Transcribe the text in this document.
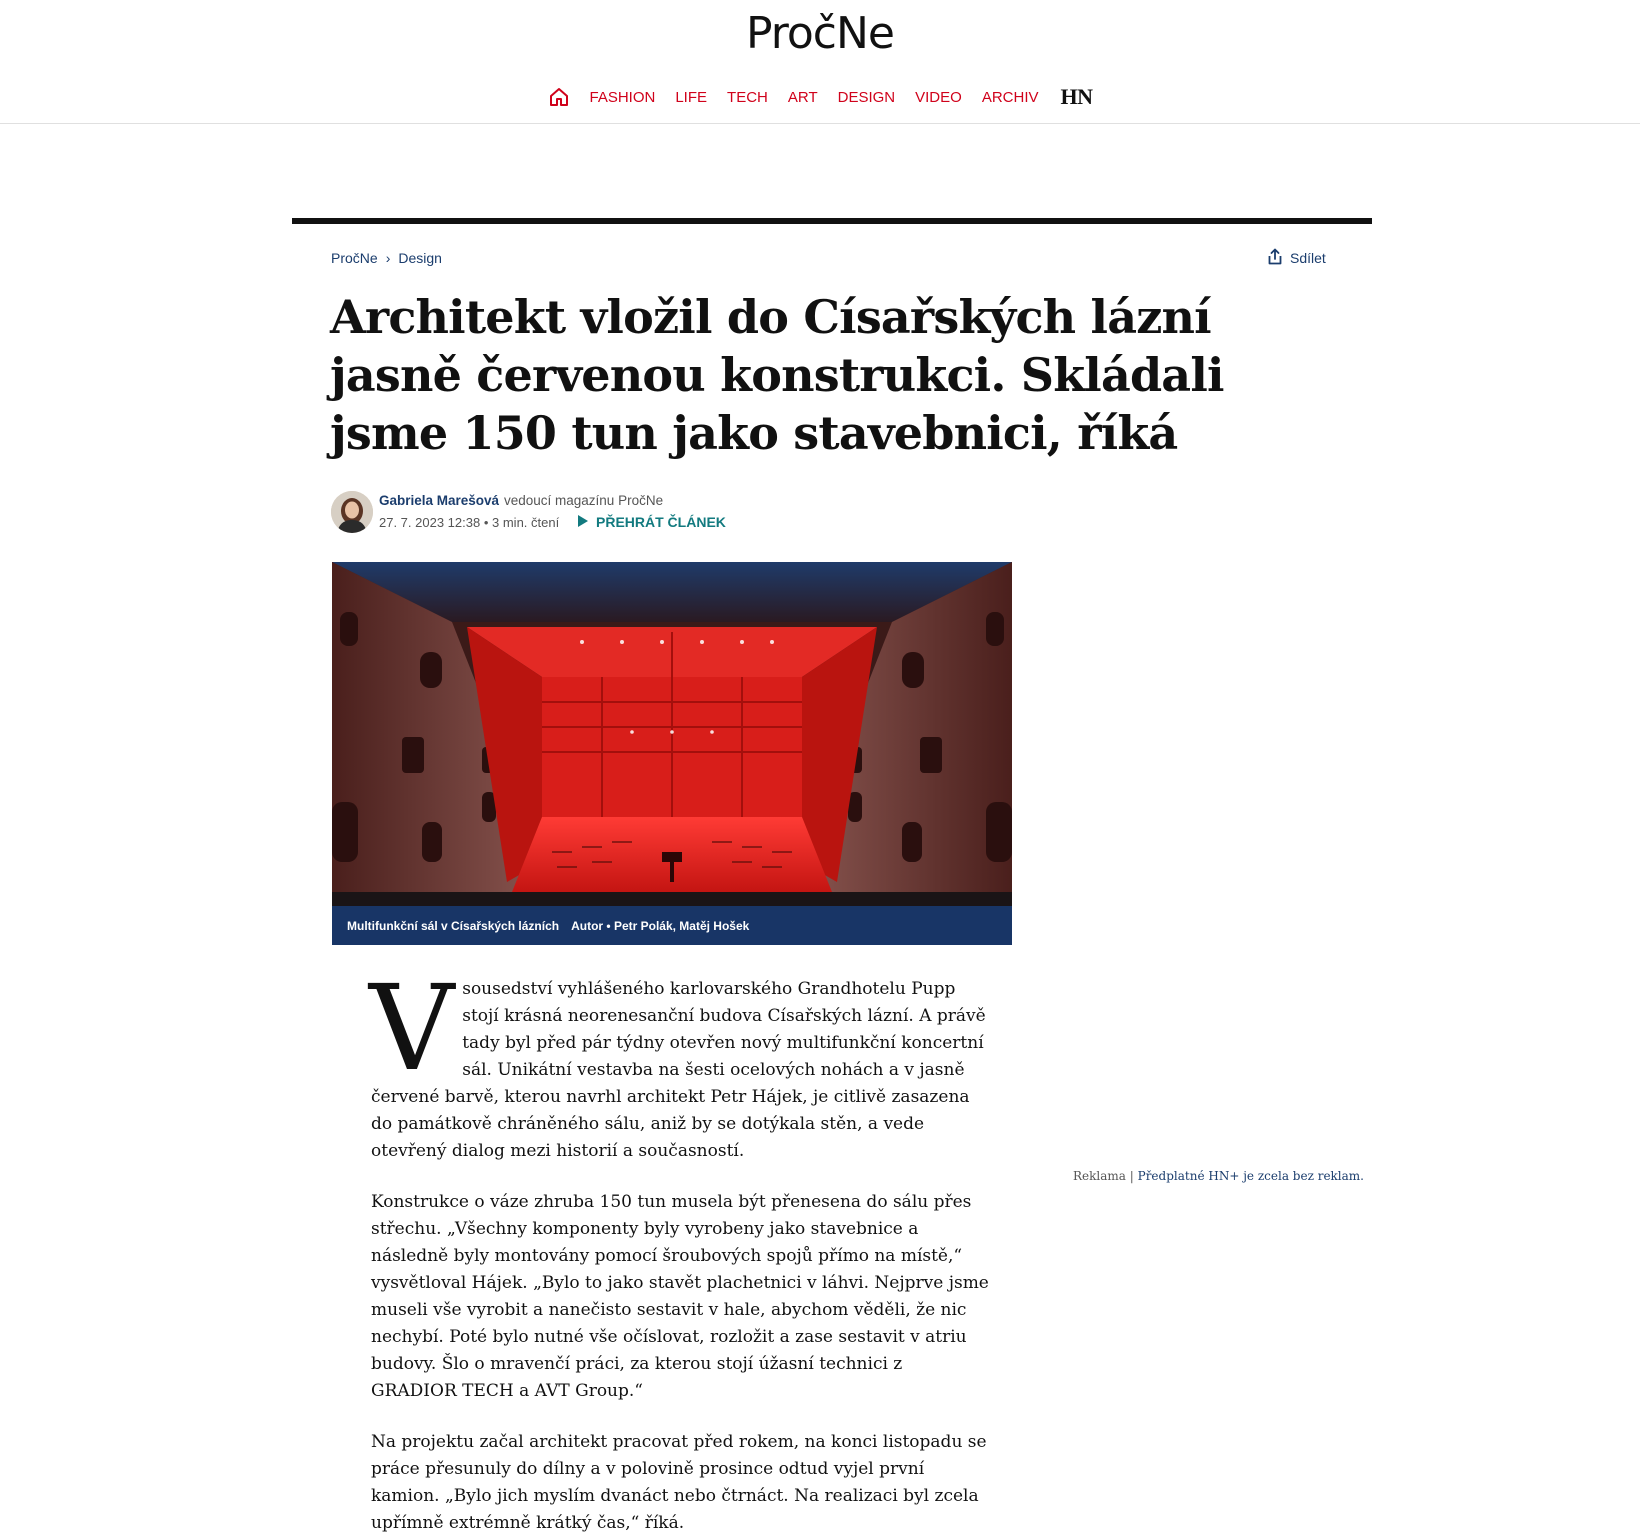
PročNe
FASHION LIFE TECH ART DESIGN VIDEO ARCHIV HN
PročNe › Design	Sdílet
Architekt vložil do Císařských lázní jasně červenou konstrukci. Skládali jsme 150 tun jako stavebnici, říká
Gabriela Marešová vedoucí magazínu PročNe
27. 7. 2023 12:38 • 3 min. čtení	PŘEHRÁT ČLÁNEK
Multifunkční sál v Císařských lázních Autor • Petr Polák, Matěj Hošek

V sousedství vyhlášeného karlovarského Grandhotelu Pupp stojí krásná neorenesanční budova Císařských lázní. A právě tady byl před pár týdny otevřen nový multifunkční koncertní sál. Unikátní vestavba na šesti ocelových nohách a v jasně červené barvě, kterou navrhl architekt Petr Hájek, je citlivě zasazena do památkově chráněného sálu, aniž by se dotýkala stěn, a vede otevřený dialog mezi historií a současností.

Konstrukce o váze zhruba 150 tun musela být přenesena do sálu přes střechu. „Všechny komponenty byly vyrobeny jako stavebnice a následně byly montovány pomocí šroubových spojů přímo na místě,“ vysvětloval Hájek. „Bylo to jako stavět plachetnici v láhvi. Nejprve jsme museli vše vyrobit a nanečisto sestavit v hale, abychom věděli, že nic nechybí. Poté bylo nutné vše očíslovat, rozložit a zase sestavit v atriu budovy. Šlo o mravenčí práci, za kterou stojí úžasní technici z GRADIOR TECH a AVT Group.“

Na projektu začal architekt pracovat před rokem, na konci listopadu se práce přesunuly do dílny a v polovině prosince odtud vyjel první kamion. „Bylo jich myslím dvanáct nebo čtrnáct. Na realizaci byl zcela upřímně extrémně krátký čas,“ říká.

Reklama | Předplatné HN+ je zcela bez reklam.
